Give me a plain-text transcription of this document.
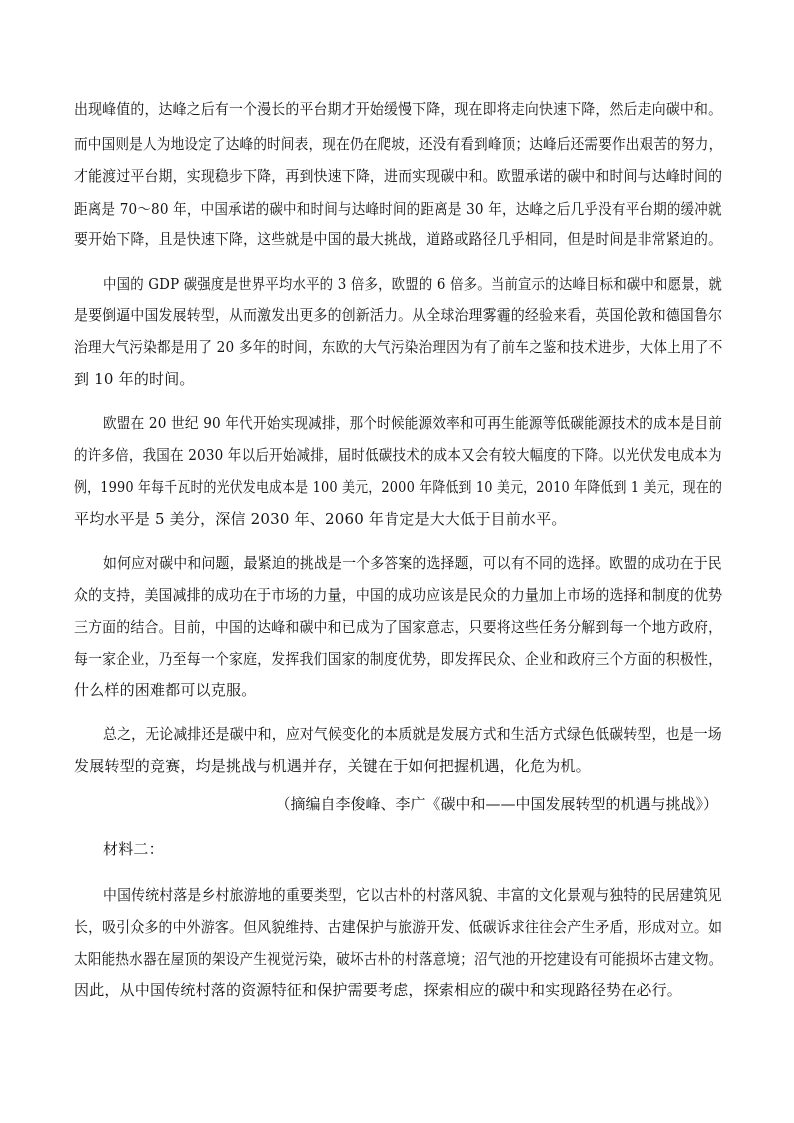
出现峰值的，达峰之后有一个漫长的平台期才开始缓慢下降，现在即将走向快速下降，然后走向碳中和。
而中国则是人为地设定了达峰的时间表，现在仍在爬坡，还没有看到峰顶；达峰后还需要作出艰苦的努力，
才能渡过平台期，实现稳步下降，再到快速下降，进而实现碳中和。欧盟承诺的碳中和时间与达峰时间的
距离是 70～80 年，中国承诺的碳中和时间与达峰时间的距离是 30 年，达峰之后几乎没有平台期的缓冲就
要开始下降，且是快速下降，这些就是中国的最大挑战，道路或路径几乎相同，但是时间是非常紧迫的。
中国的 GDP 碳强度是世界平均水平的 3 倍多，欧盟的 6 倍多。当前宣示的达峰目标和碳中和愿景，就
是要倒逼中国发展转型，从而激发出更多的创新活力。从全球治理雾霾的经验来看，英国伦敦和德国鲁尔
治理大气污染都是用了 20 多年的时间，东欧的大气污染治理因为有了前车之鉴和技术进步，大体上用了不
到 10 年的时间。
欧盟在 20 世纪 90 年代开始实现减排，那个时候能源效率和可再生能源等低碳能源技术的成本是目前
的许多倍，我国在 2030 年以后开始减排，届时低碳技术的成本又会有较大幅度的下降。以光伏发电成本为
例，1990 年每千瓦时的光伏发电成本是 100 美元，2000 年降低到 10 美元，2010 年降低到 1 美元，现在的
平均水平是 5 美分，深信 2030 年、2060 年肯定是大大低于目前水平。
如何应对碳中和问题，最紧迫的挑战是一个多答案的选择题，可以有不同的选择。欧盟的成功在于民
众的支持，美国减排的成功在于市场的力量，中国的成功应该是民众的力量加上市场的选择和制度的优势
三方面的结合。目前，中国的达峰和碳中和已成为了国家意志，只要将这些任务分解到每一个地方政府，
每一家企业，乃至每一个家庭，发挥我们国家的制度优势，即发挥民众、企业和政府三个方面的积极性，
什么样的困难都可以克服。
总之，无论减排还是碳中和，应对气候变化的本质就是发展方式和生活方式绿色低碳转型，也是一场
发展转型的竞赛，均是挑战与机遇并存，关键在于如何把握机遇，化危为机。
（摘编自李俊峰、李广《碳中和——中国发展转型的机遇与挑战》）
材料二：
中国传统村落是乡村旅游地的重要类型，它以古朴的村落风貌、丰富的文化景观与独特的民居建筑见
长，吸引众多的中外游客。但风貌维持、古建保护与旅游开发、低碳诉求往往会产生矛盾，形成对立。如
太阳能热水器在屋顶的架设产生视觉污染，破坏古朴的村落意境；沼气池的开挖建设有可能损坏古建文物。
因此，从中国传统村落的资源特征和保护需要考虑，探索相应的碳中和实现路径势在必行。
